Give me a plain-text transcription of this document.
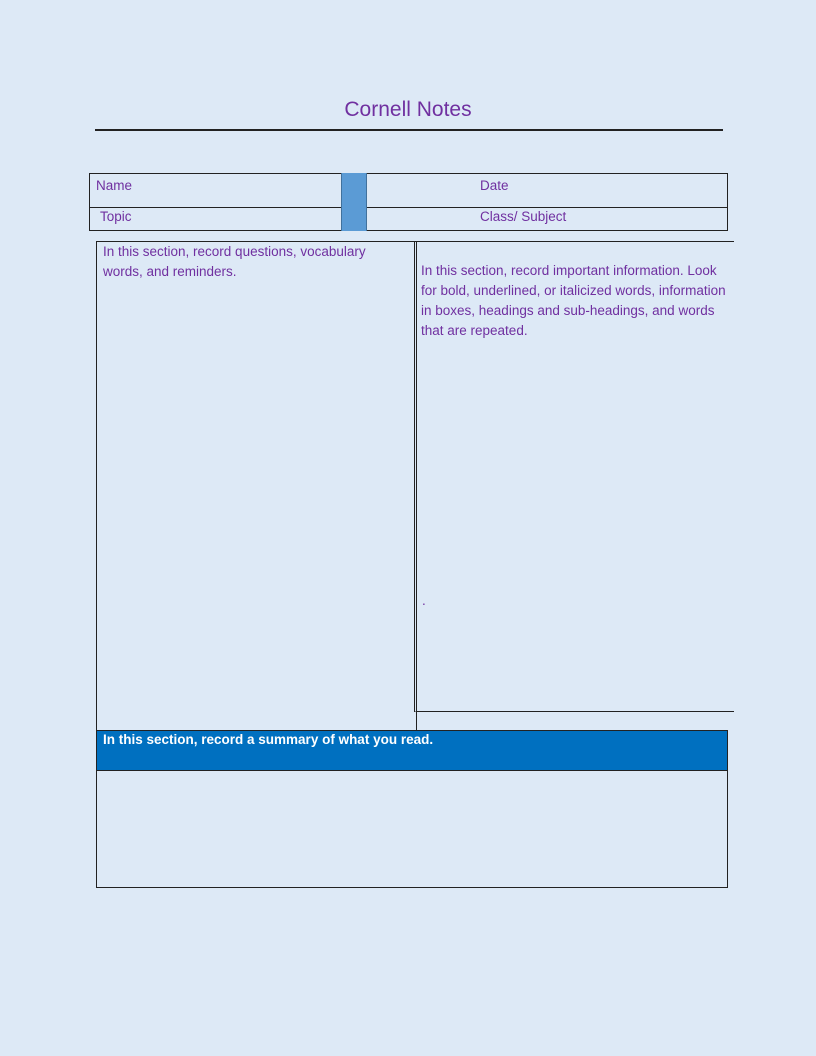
Cornell Notes
Name
Topic
Date
Class/ Subject
In this section, record questions, vocabulary words, and reminders.	In this section, record important information. Look for bold, underlined, or italicized words, information in boxes, headings and sub-headings, and words that are repeated.
.
In this section, record a summary of what you read.
